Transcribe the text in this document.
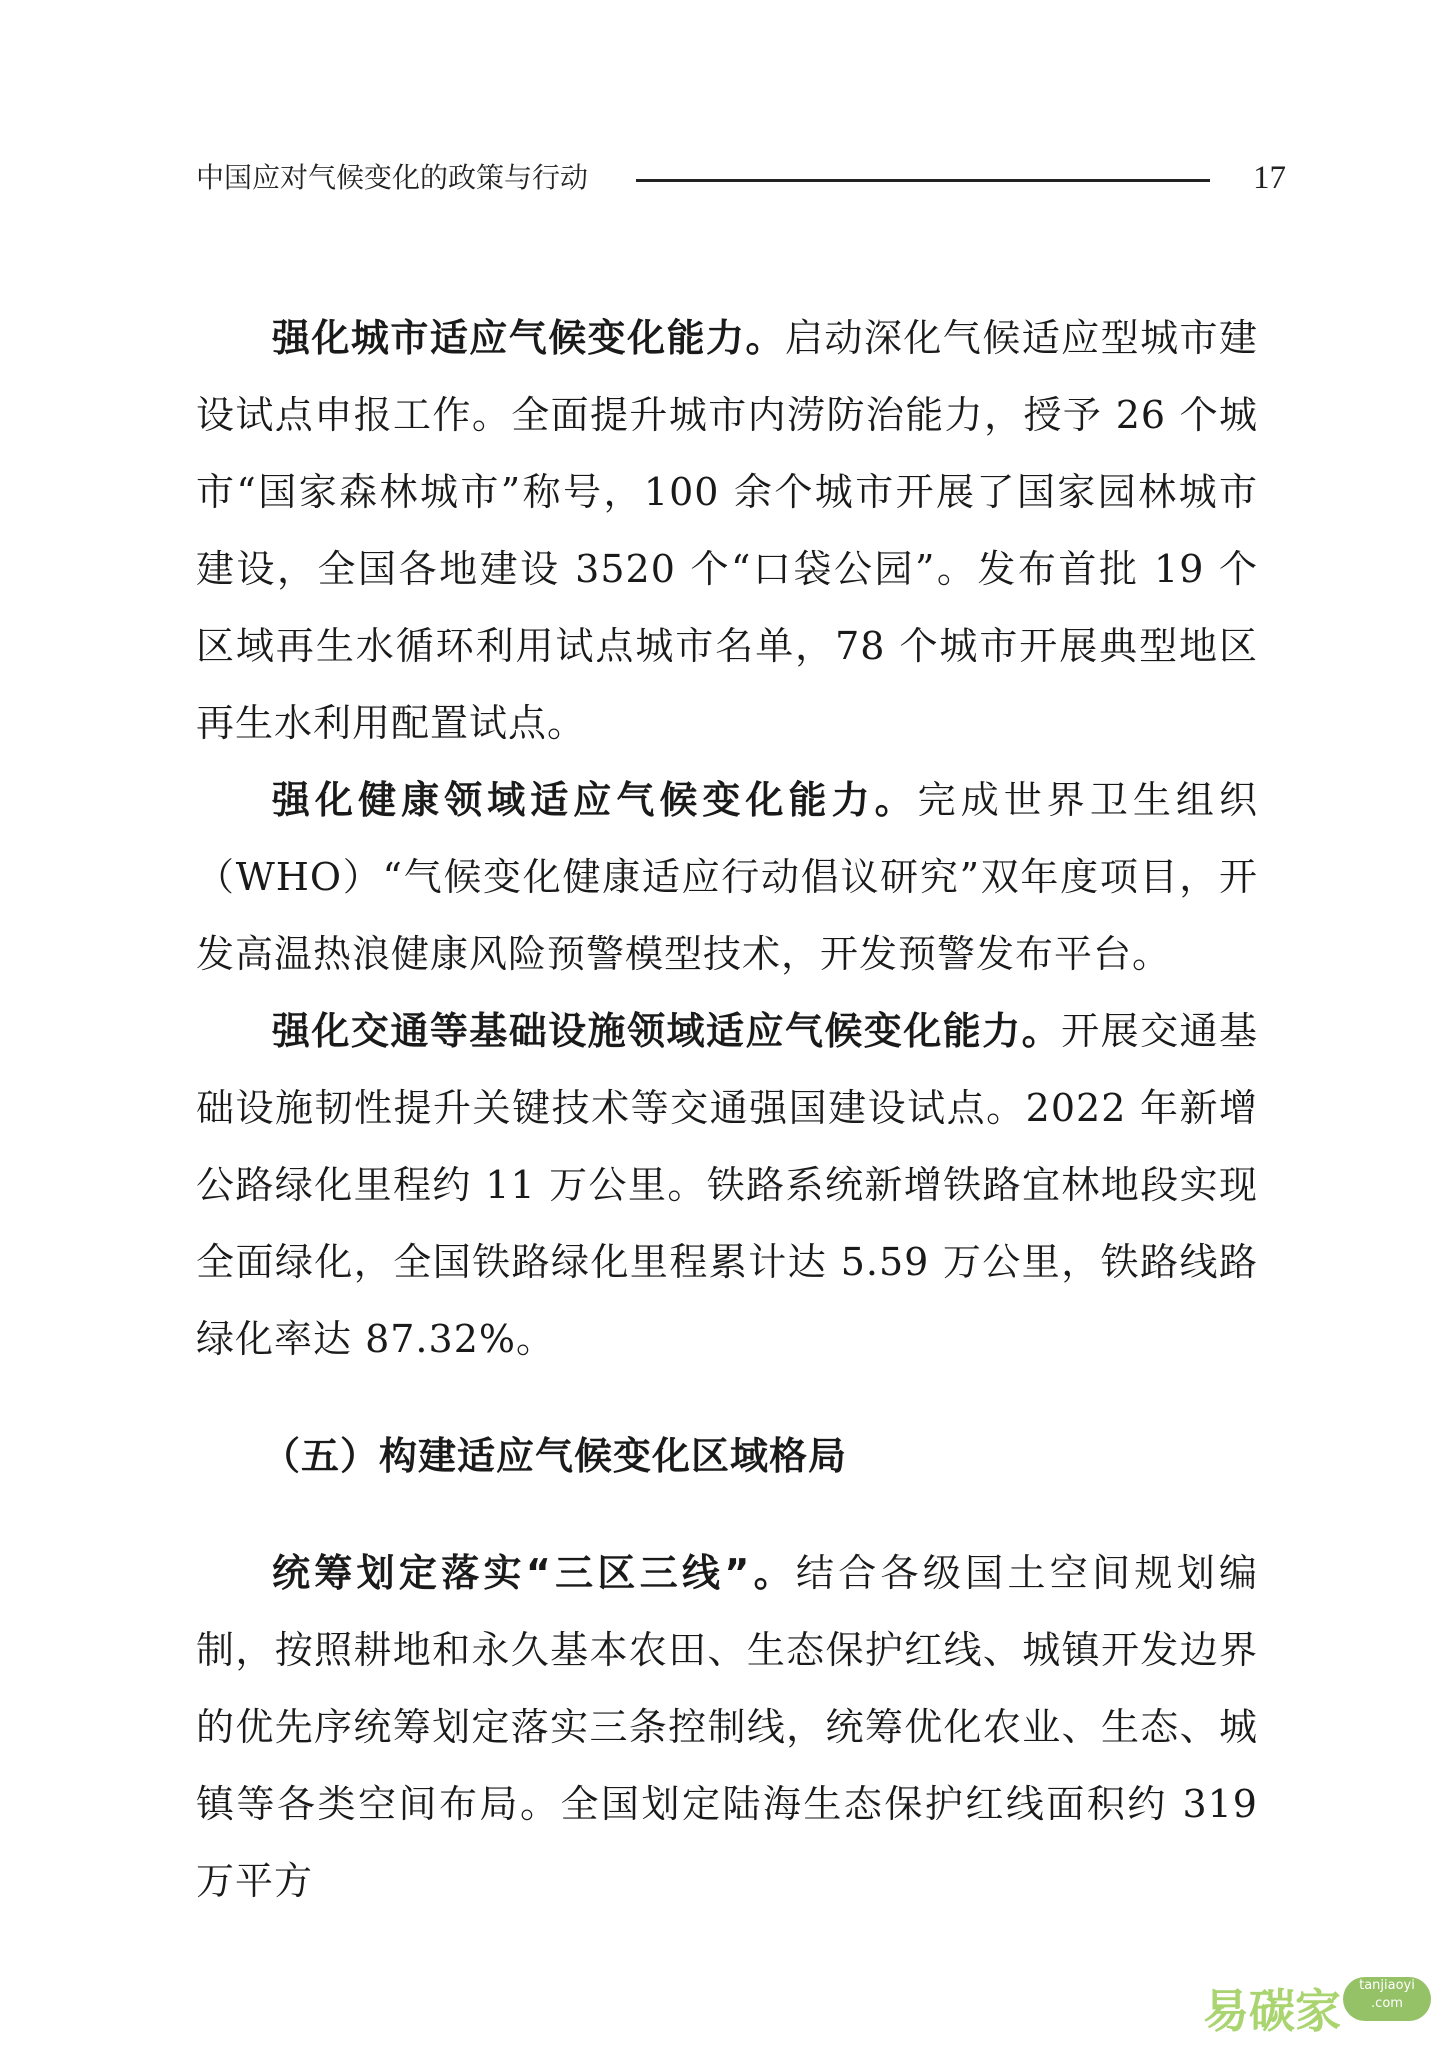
中国应对气候变化的政策与行动	17

强化城市适应气候变化能力。启动深化气候适应型城市建设试点申报工作。全面提升城市内涝防治能力，授予 26 个城市“国家森林城市”称号，100 余个城市开展了国家园林城市建设，全国各地建设 3520 个“口袋公园”。发布首批 19 个区域再生水循环利用试点城市名单，78 个城市开展典型地区再生水利用配置试点。

强化健康领域适应气候变化能力。完成世界卫生组织（WHO）“气候变化健康适应行动倡议研究”双年度项目，开发高温热浪健康风险预警模型技术，开发预警发布平台。

强化交通等基础设施领域适应气候变化能力。开展交通基础设施韧性提升关键技术等交通强国建设试点。2022 年新增公路绿化里程约 11 万公里。铁路系统新增铁路宜林地段实现全面绿化，全国铁路绿化里程累计达 5.59 万公里，铁路线路绿化率达 87.32%。

（五）构建适应气候变化区域格局

统筹划定落实“三区三线”。结合各级国土空间规划编制，按照耕地和永久基本农田、生态保护红线、城镇开发边界的优先序统筹划定落实三条控制线，统筹优化农业、生态、城镇等各类空间布局。全国划定陆海生态保护红线面积约 319 万平方

易碳家	tanjiaoyi
.com
